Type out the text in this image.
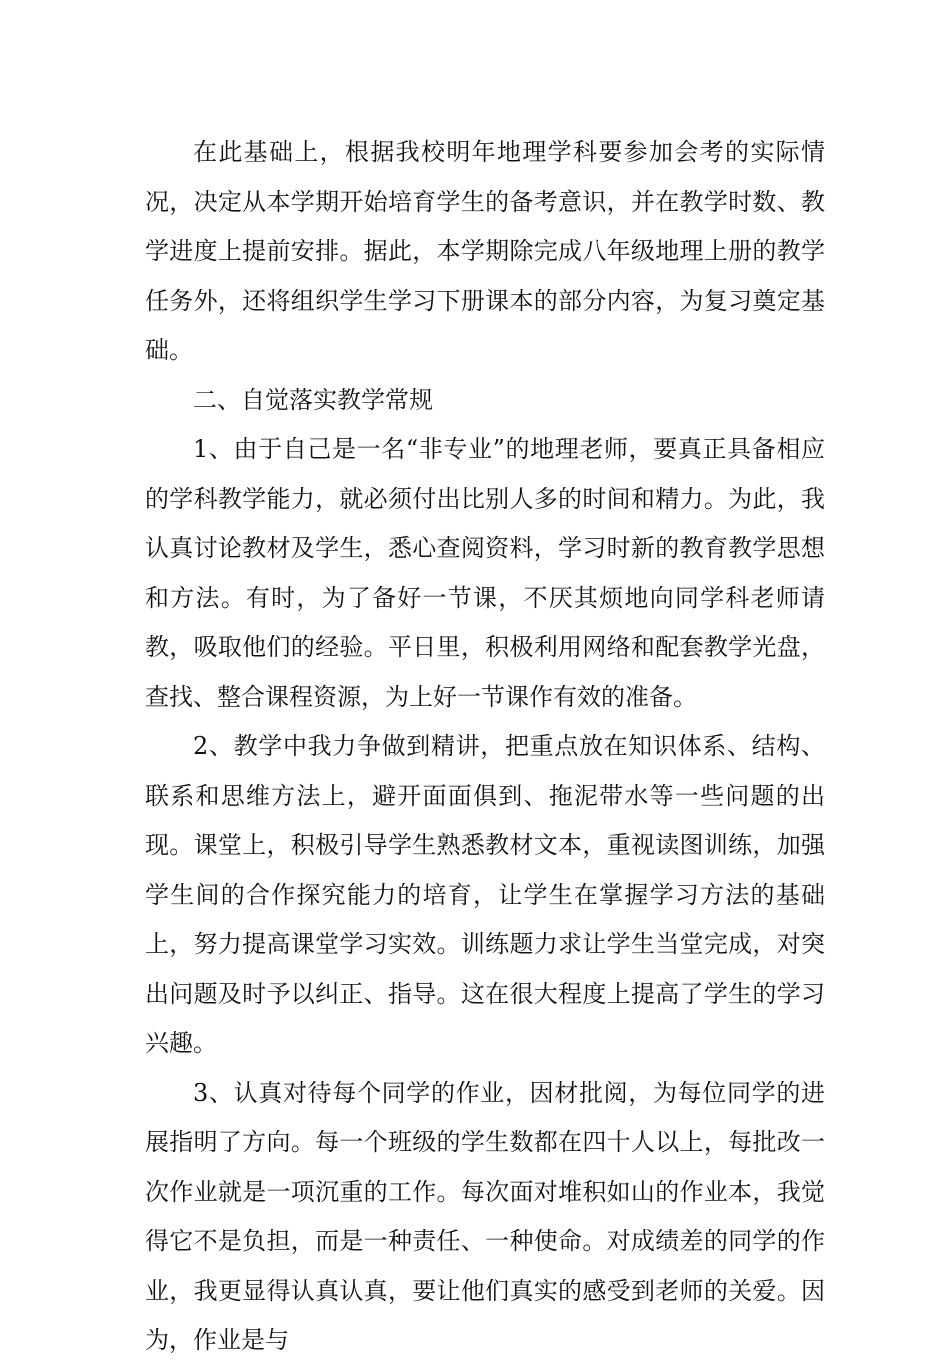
在此基础上，根据我校明年地理学科要参加会考的实际情况，决定从本学期开始培育学生的备考意识，并在教学时数、教学进度上提前安排。据此，本学期除完成八年级地理上册的教学任务外，还将组织学生学习下册课本的部分内容，为复习奠定基础。

二、自觉落实教学常规

1、由于自己是一名“非专业”的地理老师，要真正具备相应的学科教学能力，就必须付出比别人多的时间和精力。为此，我认真讨论教材及学生，悉心查阅资料，学习时新的教育教学思想和方法。有时，为了备好一节课，不厌其烦地向同学科老师请教，吸取他们的经验。平日里，积极利用网络和配套教学光盘，查找、整合课程资源，为上好一节课作有效的准备。

2、教学中我力争做到精讲，把重点放在知识体系、结构、联系和思维方法上，避开面面俱到、拖泥带水等一些问题的出现。课堂上，积极引导学生熟悉教材文本，重视读图训练，加强学生间的合作探究能力的培育，让学生在掌握学习方法的基础上，努力提高课堂学习实效。训练题力求让学生当堂完成，对突出问题及时予以纠正、指导。这在很大程度上提高了学生的学习兴趣。

3、认真对待每个同学的作业，因材批阅，为每位同学的进展指明了方向。每一个班级的学生数都在四十人以上，每批改一次作业就是一项沉重的工作。每次面对堆积如山的作业本，我觉得它不是负担，而是一种责任、一种使命。对成绩差的同学的作业，我更显得认真认真，要让他们真实的感受到老师的关爱。因为，作业是与
